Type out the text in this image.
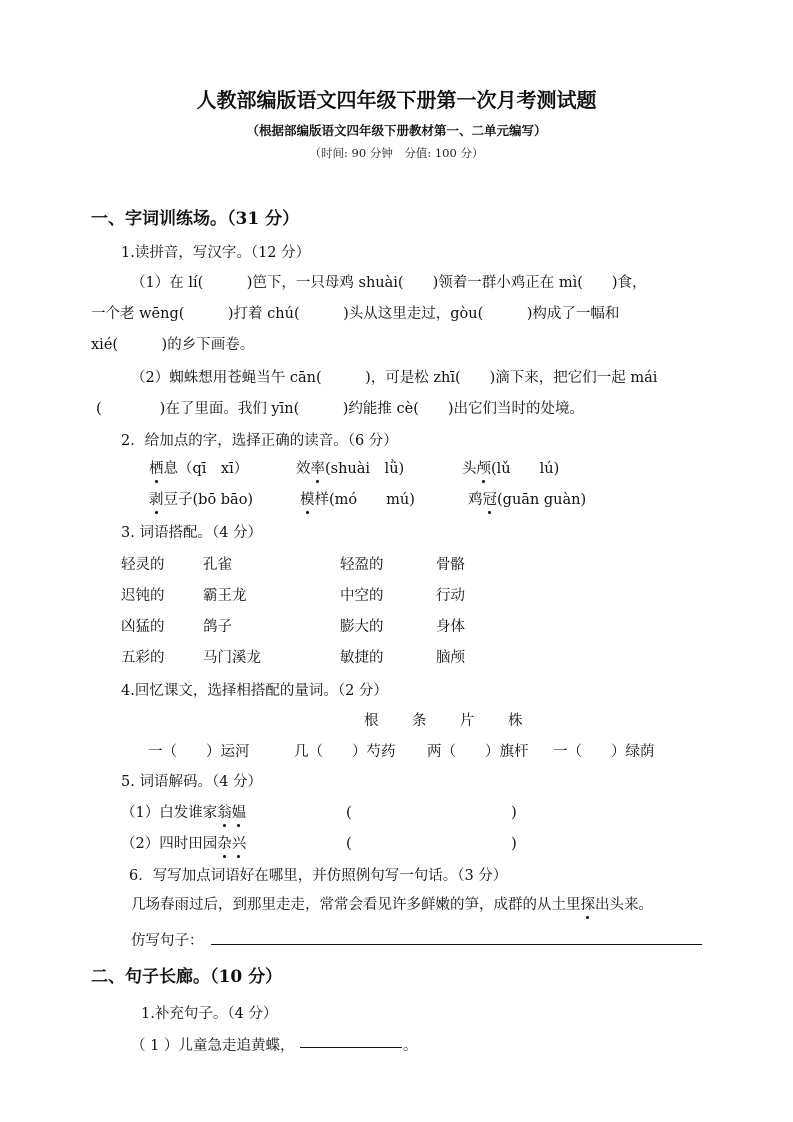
人教部编版语文四年级下册第一次月考测试题
（根据部编版语文四年级下册教材第一、二单元编写）
（时间: 90 分钟　分值: 100 分）
一、字词训练场。（31 分）
1.读拼音，写汉字。（12 分）
（1）在 lí(　　　)笆下，一只母鸡 shuài(　　)领着一群小鸡正在 mì(　　)食，
一个老 wēng(　　　)打着 chú(　　　)头从这里走过，gòu(　　　)构成了一幅和
xié(　　　)的乡下画卷。
（2）蜘蛛想用苍蝇当午 cān(　　　)，可是松 zhī(　　)滴下来，把它们一起 mái
(　　　　)在了里面。我们 yīn(　　　)约能推 cè(　　)出它们当时的处境。
2．给加点的字，选择正确的读音。（6 分）
栖息（qī　xī）	效率(shuài　lǜ)	头颅(lǔ　　lú)
剥豆子(bō bāo)	模样(mó　　mú)	鸡冠(guān guàn)
3. 词语搭配。（4 分）
轻灵的	孔雀	轻盈的	骨骼
迟钝的	霸王龙	中空的	行动
凶猛的	鸽子	膨大的	身体
五彩的	马门溪龙	敏捷的	脑颅
4.回忆课文，选择相搭配的量词。（2 分）
根 条 片 株
一（　　）运河	几（　　）芍药 两（　　）旗杆 一（　　）绿荫
5. 词语解码。（4 分）
（1）白发谁家翁媪	(　　　　　　　　　　　)
（2）四时田园杂兴	(　　　　　　　　　　　)
6．写写加点词语好在哪里，并仿照例句写一句话。（3 分）
几场春雨过后，到那里走走，常常会看见许多鲜嫩的笋，成群的从土里探出头来。
仿写句子：
二、句子长廊。（10 分）
1.补充句子。（4 分）
（ 1 ）儿童急走追黄蝶，	。
